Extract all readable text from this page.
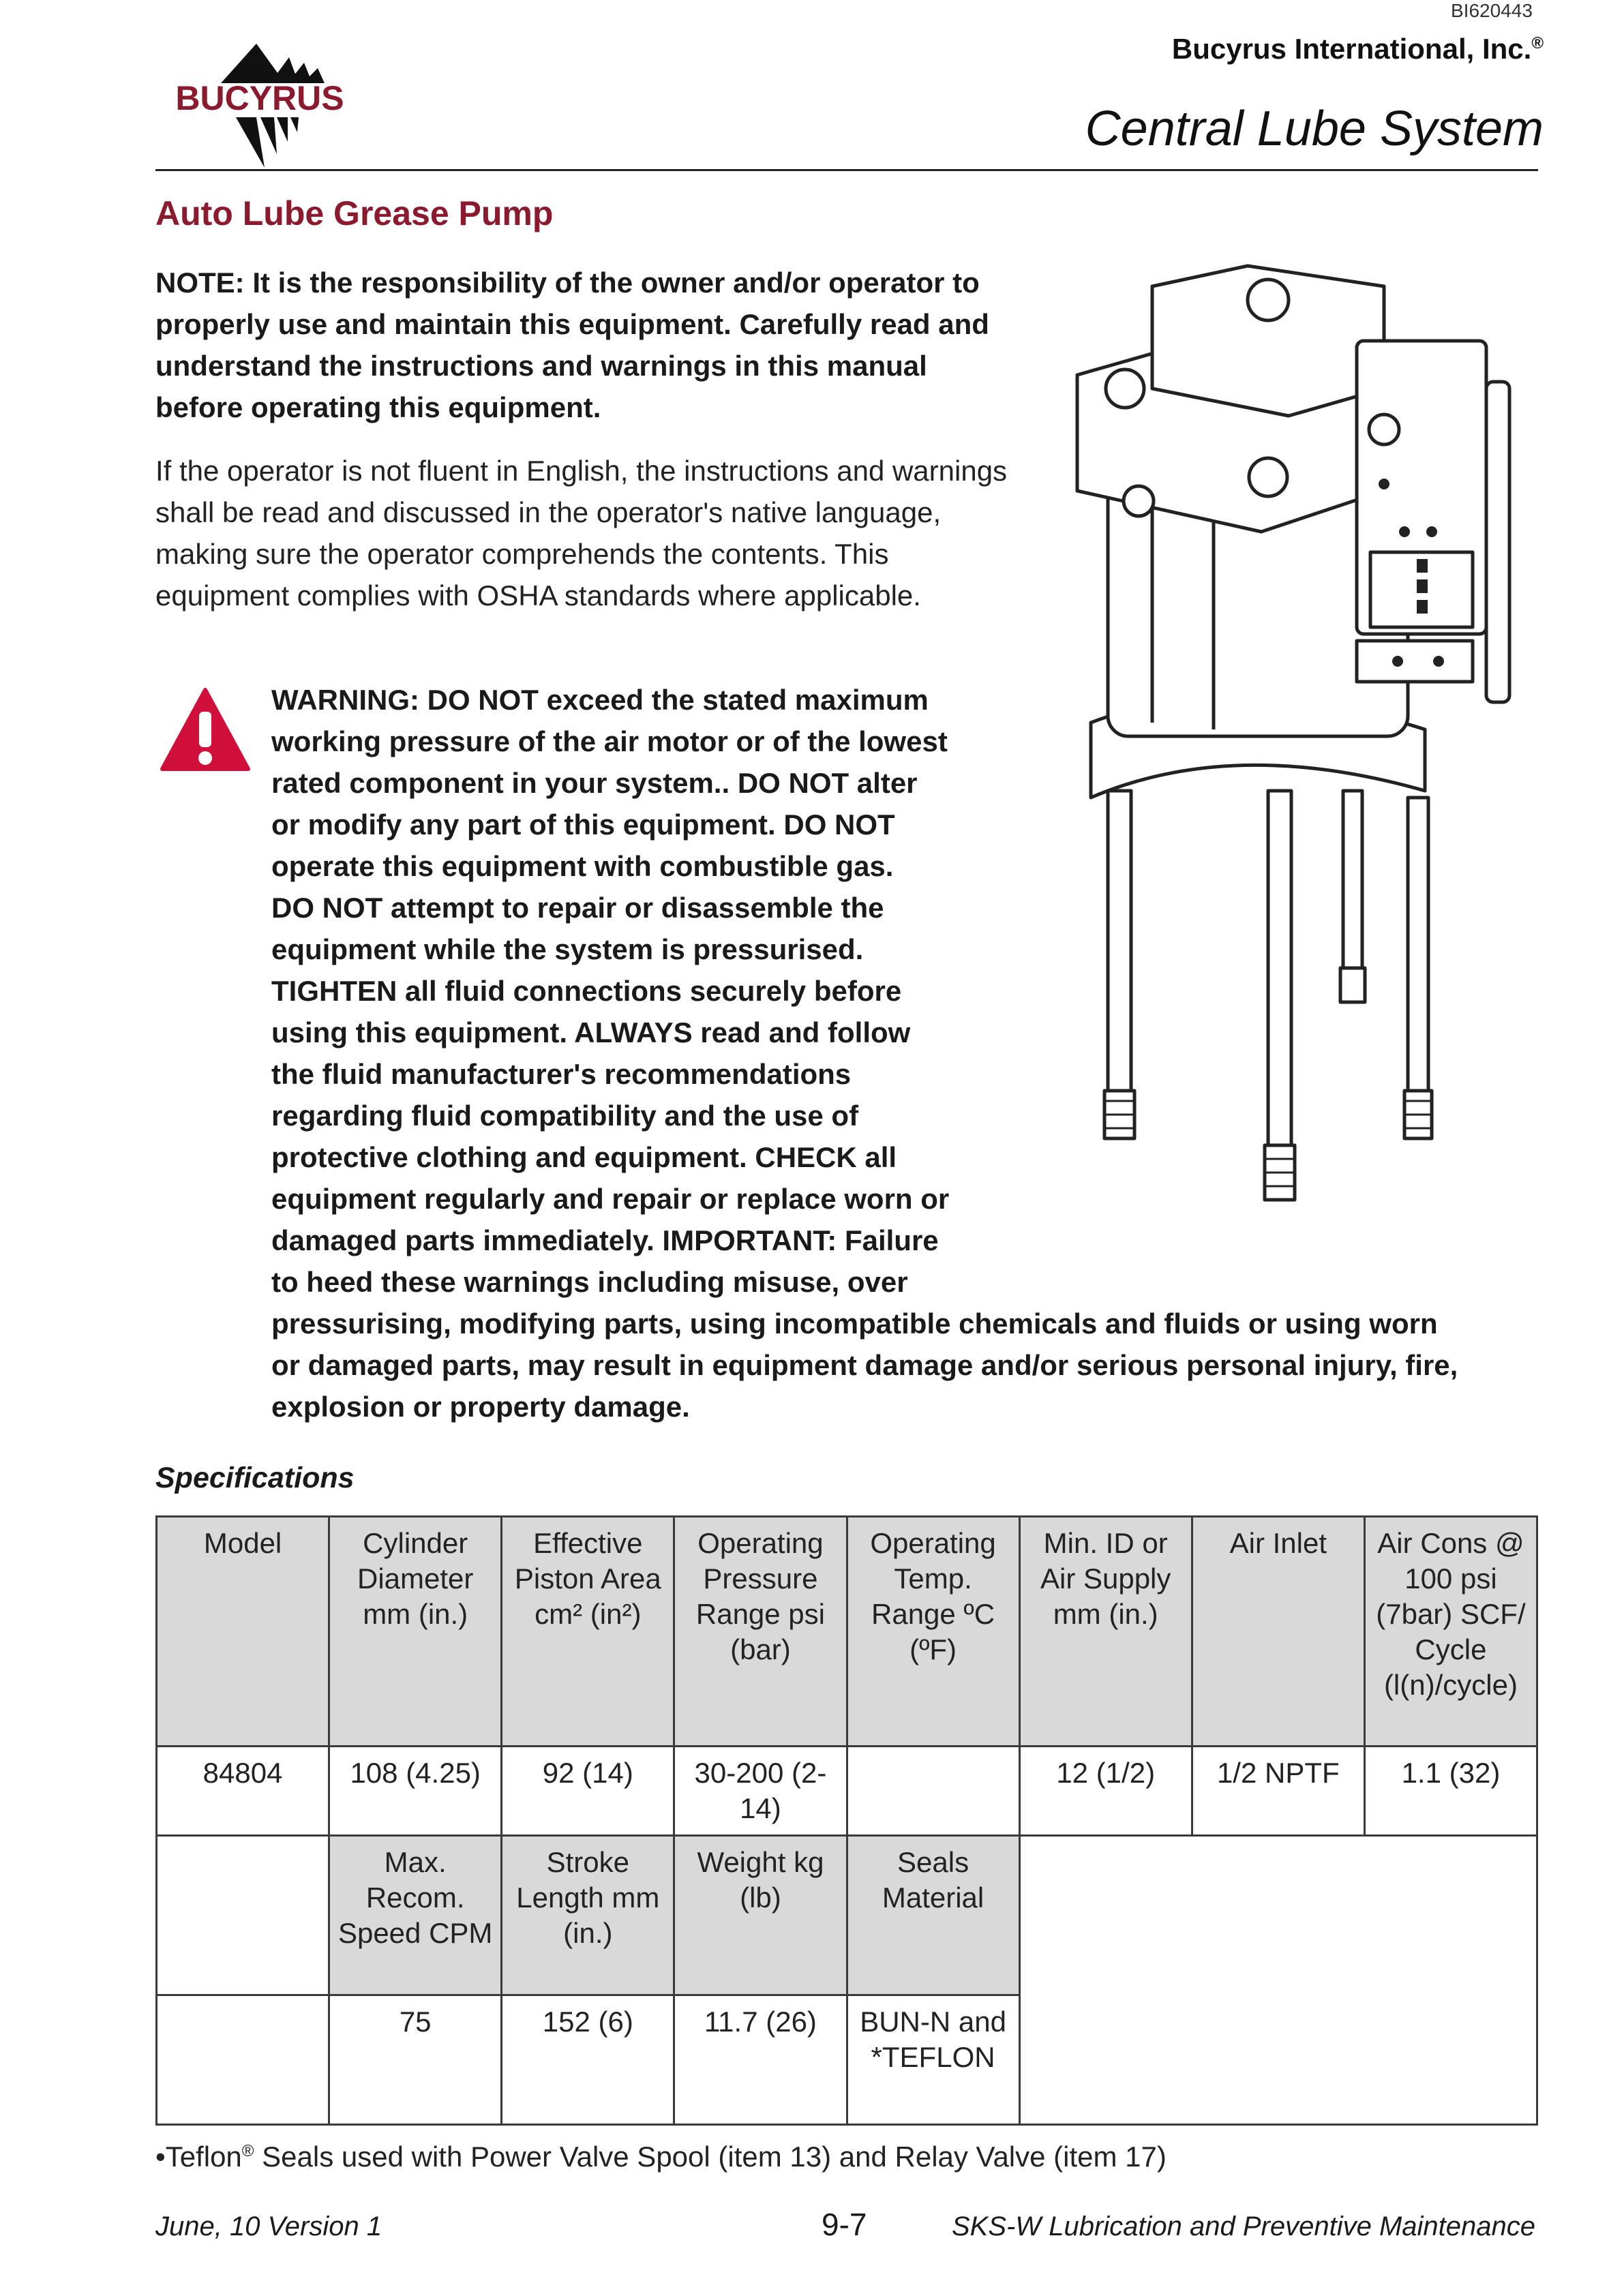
BI620443
Bucyrus International, Inc.®
Central Lube System
BUCYRUS
Auto Lube Grease Pump
NOTE: It is the responsibility of the owner and/or operator to properly use and maintain this equipment. Carefully read and understand the instructions and warnings in this manual before operating this equipment.
If the operator is not fluent in English, the instructions and warnings shall be read and discussed in the operator's native language, making sure the operator comprehends the contents. This equipment complies with OSHA standards where applicable.
WARNING: DO NOT exceed the stated maximum
working pressure of the air motor or of the lowest
rated component in your system.. DO NOT alter
or modify any part of this equipment. DO NOT
operate this equipment with combustible gas.
DO NOT attempt to repair or disassemble the
equipment while the system is pressurised.
TIGHTEN all fluid connections securely before
using this equipment. ALWAYS read and follow
the fluid manufacturer's recommendations
regarding fluid compatibility and the use of
protective clothing and equipment. CHECK all
equipment regularly and repair or replace worn or
damaged parts immediately. IMPORTANT: Failure
to heed these warnings including misuse, over
pressurising, modifying parts, using incompatible chemicals and fluids or using worn
or damaged parts, may result in equipment damage and/or serious personal injury, fire,
explosion or property damage.
Specifications
Model	Cylinder Diameter mm (in.)	Effective Piston Area cm² (in²)	Operating Pressure Range psi (bar)	Operating Temp. Range ºC (ºF)	Min. ID or Air Supply mm (in.)	Air Inlet	Air Cons @ 100 psi (7bar) SCF/ Cycle (l(n)/cycle)
84804	108 (4.25)	92 (14)	30-200 (2-14)		12 (1/2)	1/2 NPTF	1.1 (32)
	Max. Recom. Speed CPM	Stroke Length mm (in.)	Weight kg (lb)	Seals Material			
	75	152 (6)	11.7 (26)	BUN-N and *TEFLON			
•Teflon® Seals used with Power Valve Spool (item 13) and Relay Valve (item 17)
June, 10 Version 1	9-7	SKS-W Lubrication and Preventive Maintenance
